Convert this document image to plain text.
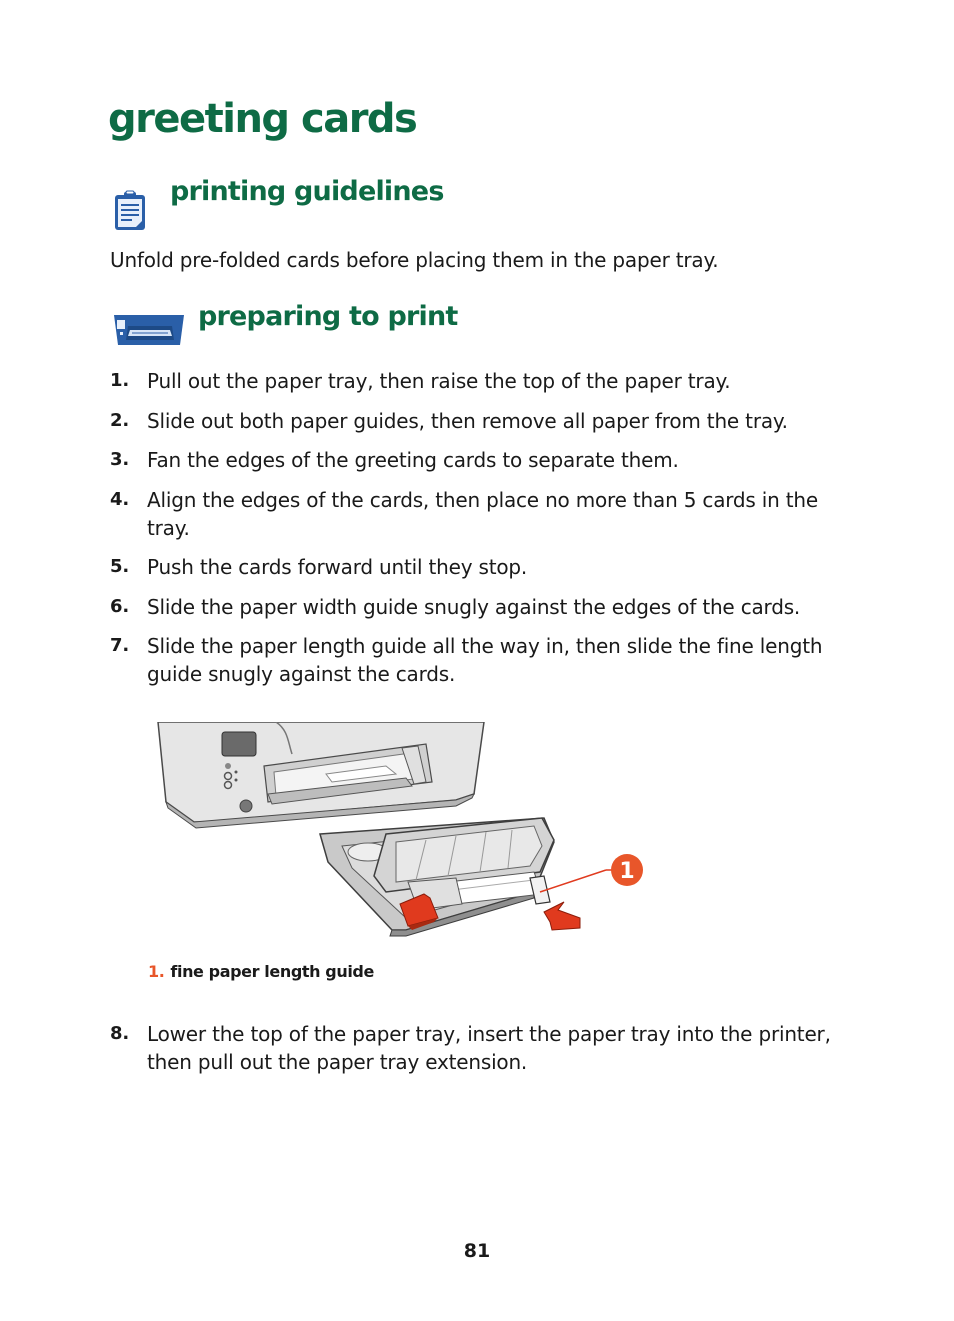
greeting cards
printing guidelines

Unfold pre-folded cards before placing them in the paper tray.

preparing to print
1. Pull out the paper tray, then raise the top of the paper tray.
2. Slide out both paper guides, then remove all paper from the tray.
3. Fan the edges of the greeting cards to separate them.
4. Align the edges of the cards, then place no more than 5 cards in the tray.
5. Push the cards forward until they stop.
6. Slide the paper width guide snugly against the edges of the cards.
7. Slide the paper length guide all the way in, then slide the fine length guide snugly against the cards.
1
1. fine paper length guide
8. Lower the top of the paper tray, insert the paper tray into the printer, then pull out the paper tray extension.
81
